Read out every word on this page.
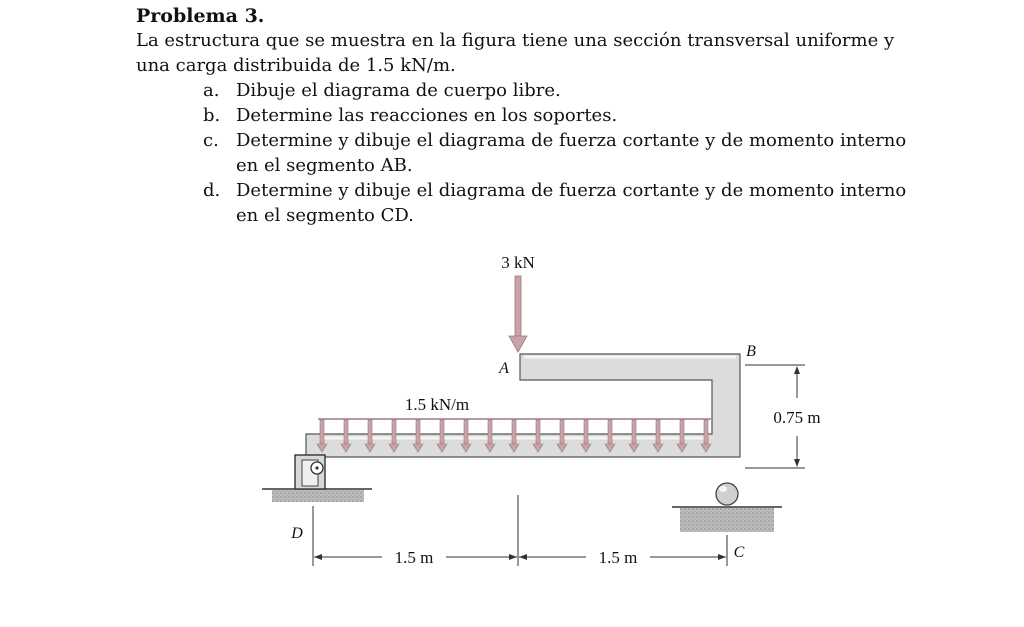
Problema 3.

La estructura que se muestra en la figura tiene una sección transversal uniforme y

una carga distribuida de 1.5 kN/m.

a. Dibuje el diagrama de cuerpo libre.
b. Determine las reacciones en los soportes.
c. Determine y dibuje el diagrama de fuerza cortante y de momento interno
en el segmento AB.
d. Determine y dibuje el diagrama de fuerza cortante y de momento interno
en el segmento CD.
3 kN
1.5 kN/m
A
B
C
D
0.75 m
1.5 m	1.5 m
